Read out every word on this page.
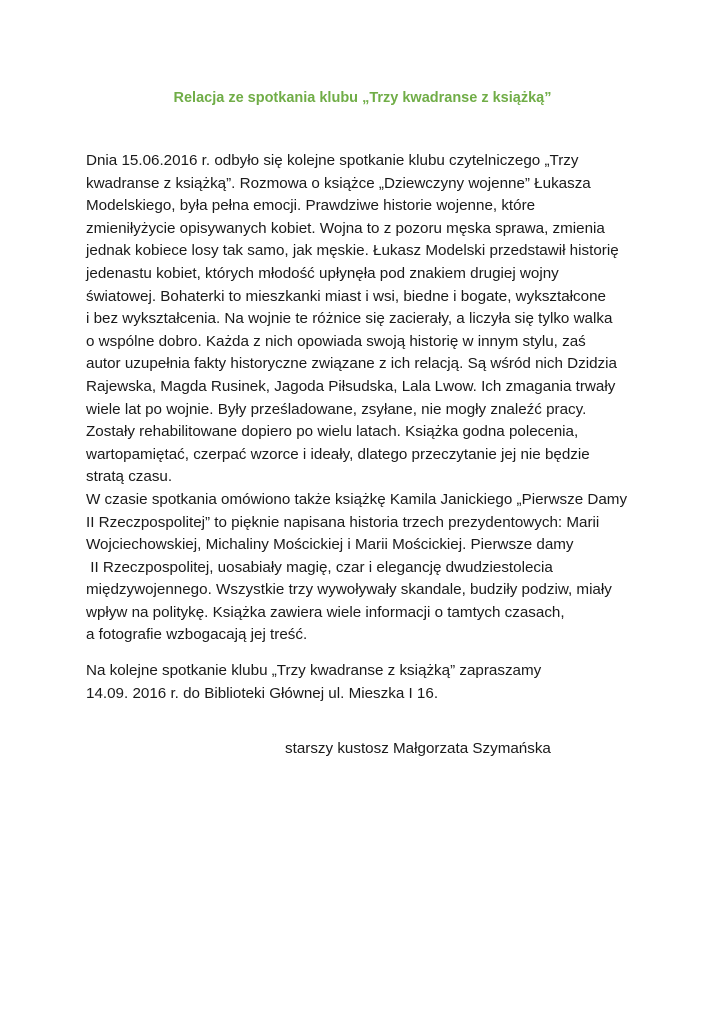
Relacja ze spotkania klubu „Trzy kwadranse z książką”
Dnia 15.06.2016 r. odbyło się kolejne spotkanie klubu czytelniczego „Trzy
kwadranse z książką”. Rozmowa o książce „Dziewczyny wojenne” Łukasza
Modelskiego, była pełna emocji. Prawdziwe historie wojenne, które
zmieniłyżycie opisywanych kobiet. Wojna to z pozoru męska sprawa, zmienia
jednak kobiece losy tak samo, jak męskie. Łukasz Modelski przedstawił historię
jedenastu kobiet, których młodość upłynęła pod znakiem drugiej wojny
światowej. Bohaterki to mieszkanki miast i wsi, biedne i bogate, wykształcone
i bez wykształcenia. Na wojnie te różnice się zacierały, a liczyła się tylko walka
o wspólne dobro. Każda z nich opowiada swoją historię w innym stylu, zaś
autor uzupełnia fakty historyczne związane z ich relacją. Są wśród nich Dzidzia
Rajewska, Magda Rusinek, Jagoda Piłsudska, Lala Lwow. Ich zmagania trwały
wiele lat po wojnie. Były prześladowane, zsyłane, nie mogły znaleźć pracy.
Zostały rehabilitowane dopiero po wielu latach. Książka godna polecenia,
wartopamiętać, czerpać wzorce i ideały, dlatego przeczytanie jej nie będzie
stratą czasu.
W czasie spotkania omówiono także książkę Kamila Janickiego „Pierwsze Damy
II Rzeczpospolitej” to pięknie napisana historia trzech prezydentowych: Marii
Wojciechowskiej, Michaliny Mościckiej i Marii Mościckiej. Pierwsze damy
II Rzeczpospolitej, uosabiały magię, czar i elegancję dwudziestolecia
międzywojennego. Wszystkie trzy wywoływały skandale, budziły podziw, miały
wpływ na politykę. Książka zawiera wiele informacji o tamtych czasach,
a fotografie wzbogacają jej treść.
Na kolejne spotkanie klubu „Trzy kwadranse z książką” zapraszamy
14.09. 2016 r. do Biblioteki Głównej ul. Mieszka I 16.
starszy kustosz Małgorzata Szymańska
